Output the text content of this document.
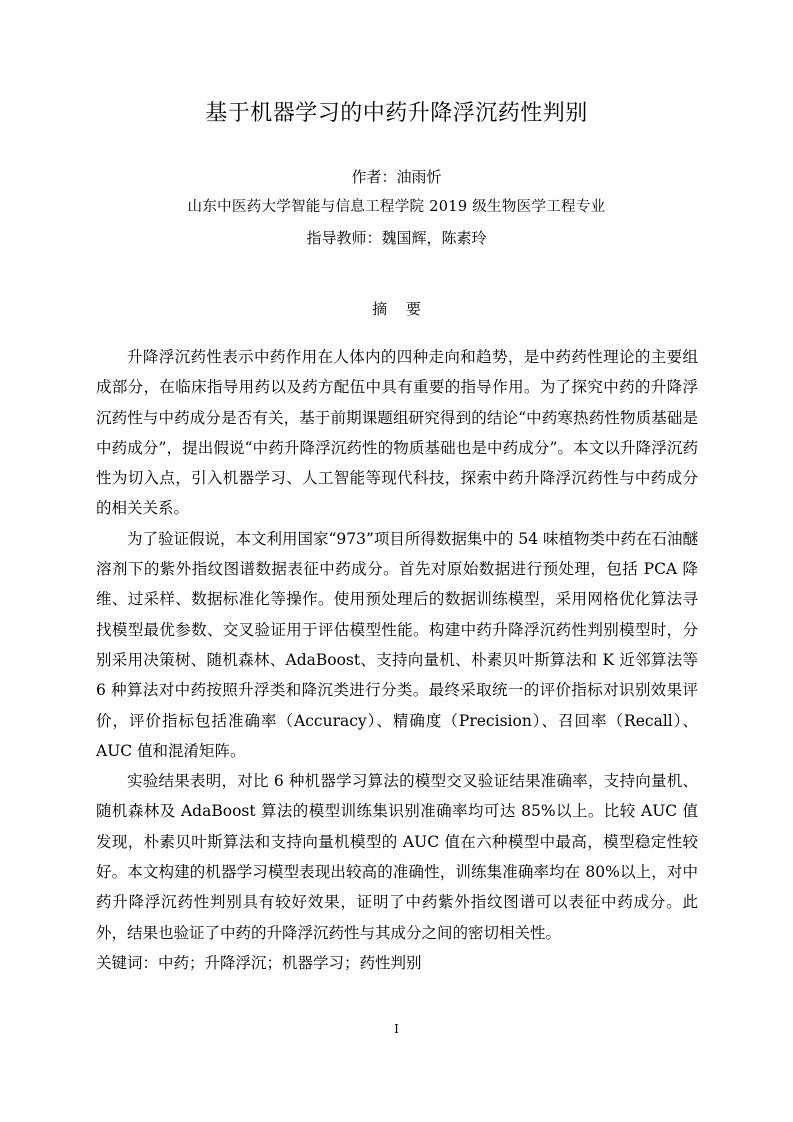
基于机器学习的中药升降浮沉药性判别
作者：油雨忻
山东中医药大学智能与信息工程学院 2019 级生物医学工程专业
指导教师：魏国辉，陈素玲
摘 要

升降浮沉药性表示中药作用在人体内的四种走向和趋势，是中药药性理论的主要组成部分，在临床指导用药以及药方配伍中具有重要的指导作用。为了探究中药的升降浮沉药性与中药成分是否有关，基于前期课题组研究得到的结论“中药寒热药性物质基础是中药成分”，提出假说“中药升降浮沉药性的物质基础也是中药成分”。本文以升降浮沉药性为切入点，引入机器学习、人工智能等现代科技，探索中药升降浮沉药性与中药成分的相关关系。

为了验证假说，本文利用国家“973”项目所得数据集中的 54 味植物类中药在石油醚溶剂下的紫外指纹图谱数据表征中药成分。首先对原始数据进行预处理，包括 PCA 降维、过采样、数据标准化等操作。使用预处理后的数据训练模型，采用网格优化算法寻找模型最优参数、交叉验证用于评估模型性能。构建中药升降浮沉药性判别模型时，分别采用决策树、随机森林、AdaBoost、支持向量机、朴素贝叶斯算法和 K 近邻算法等 6 种算法对中药按照升浮类和降沉类进行分类。最终采取统一的评价指标对识别效果评价，评价指标包括准确率（Accuracy）、精确度（Precision）、召回率（Recall）、AUC 值和混淆矩阵。

实验结果表明，对比 6 种机器学习算法的模型交叉验证结果准确率，支持向量机、随机森林及 AdaBoost 算法的模型训练集识别准确率均可达 85%以上。比较 AUC 值发现，朴素贝叶斯算法和支持向量机模型的 AUC 值在六种模型中最高，模型稳定性较好。本文构建的机器学习模型表现出较高的准确性，训练集准确率均在 80%以上，对中药升降浮沉药性判别具有较好效果，证明了中药紫外指纹图谱可以表征中药成分。此外，结果也验证了中药的升降浮沉药性与其成分之间的密切相关性。

关键词：中药；升降浮沉；机器学习；药性判别

I
